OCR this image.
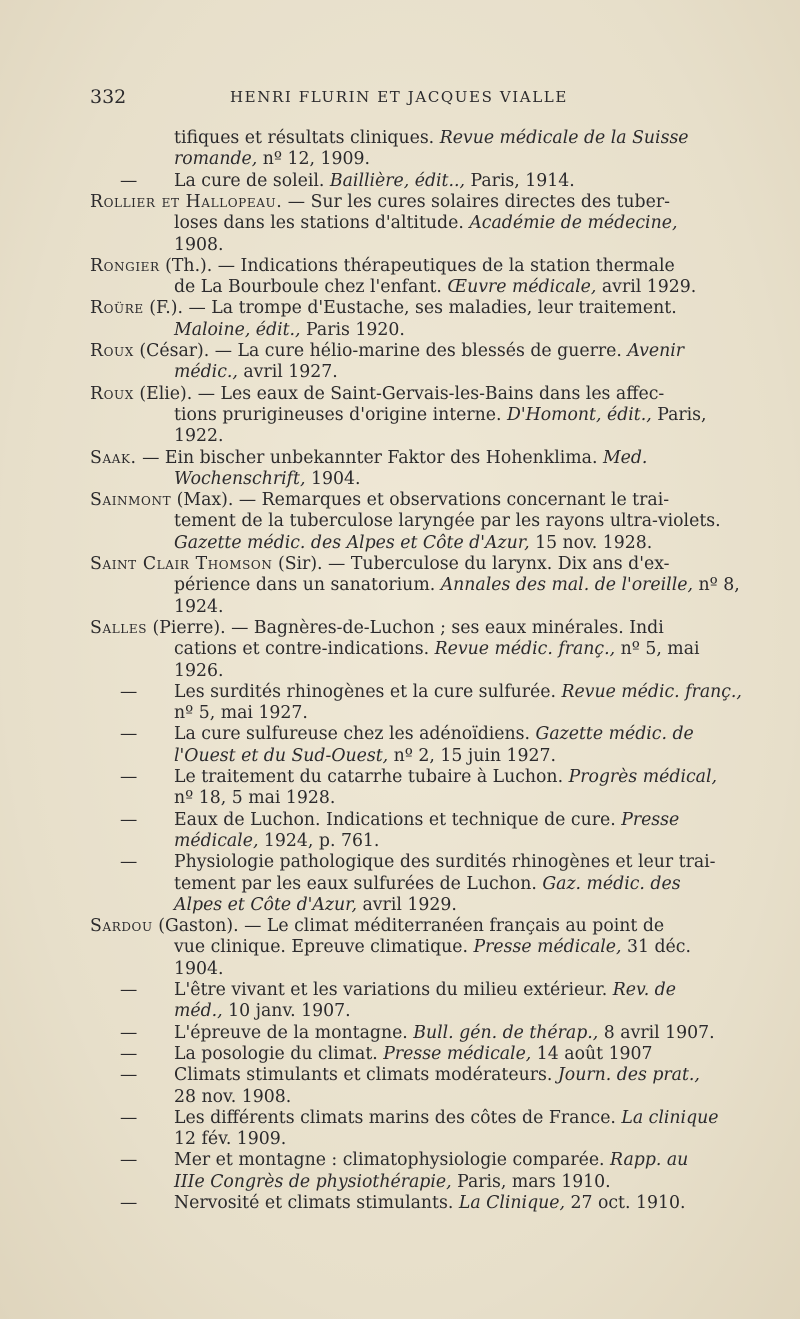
332	HENRI FLURIN ET JACQUES VIALLE
tifiques et résultats cliniques. Revue médicale de la Suisse
romande, nº 12, 1909.
— La cure de soleil. Baillière, édit.., Paris, 1914.
Rollier et Hallopeau. — Sur les cures solaires directes des tuber-
loses dans les stations d'altitude. Académie de médecine,
1908.
Rongier (Th.). — Indications thérapeutiques de la station thermale
de La Bourboule chez l'enfant. Œuvre médicale, avril 1929.
Roüre (F.). — La trompe d'Eustache, ses maladies, leur traitement.
Maloine, édit., Paris 1920.
Roux (César). — La cure hélio-marine des blessés de guerre. Avenir
médic., avril 1927.
Roux (Elie). — Les eaux de Saint-Gervais-les-Bains dans les affec-
tions prurigineuses d'origine interne. D'Homont, édit., Paris,
1922.
Saak. — Ein bischer unbekannter Faktor des Hohenklima. Med.
Wochenschrift, 1904.
Sainmont (Max). — Remarques et observations concernant le trai-
tement de la tuberculose laryngée par les rayons ultra-violets.
Gazette médic. des Alpes et Côte d'Azur, 15 nov. 1928.
Saint Clair Thomson (Sir). — Tuberculose du larynx. Dix ans d'ex-
périence dans un sanatorium. Annales des mal. de l'oreille, nº 8,
1924.
Salles (Pierre). — Bagnères-de-Luchon ; ses eaux minérales. Indi
cations et contre-indications. Revue médic. franç., nº 5, mai
1926.
— Les surdités rhinogènes et la cure sulfurée. Revue médic. franç.,
nº 5, mai 1927.
— La cure sulfureuse chez les adénoïdiens. Gazette médic. de
l'Ouest et du Sud-Ouest, nº 2, 15 juin 1927.
— Le traitement du catarrhe tubaire à Luchon. Progrès médical,
nº 18, 5 mai 1928.
— Eaux de Luchon. Indications et technique de cure. Presse
médicale, 1924, p. 761.
— Physiologie pathologique des surdités rhinogènes et leur trai-
tement par les eaux sulfurées de Luchon. Gaz. médic. des
Alpes et Côte d'Azur, avril 1929.
Sardou (Gaston). — Le climat méditerranéen français au point de
vue clinique. Epreuve climatique. Presse médicale, 31 déc.
1904.
— L'être vivant et les variations du milieu extérieur. Rev. de
méd., 10 janv. 1907.
— L'épreuve de la montagne. Bull. gén. de thérap., 8 avril 1907.
— La posologie du climat. Presse médicale, 14 août 1907
— Climats stimulants et climats modérateurs. Journ. des prat.,
28 nov. 1908.
— Les différents climats marins des côtes de France. La clinique
12 fév. 1909.
— Mer et montagne : climatophysiologie comparée. Rapp. au
IIIe Congrès de physiothérapie, Paris, mars 1910.
— Nervosité et climats stimulants. La Clinique, 27 oct. 1910.
